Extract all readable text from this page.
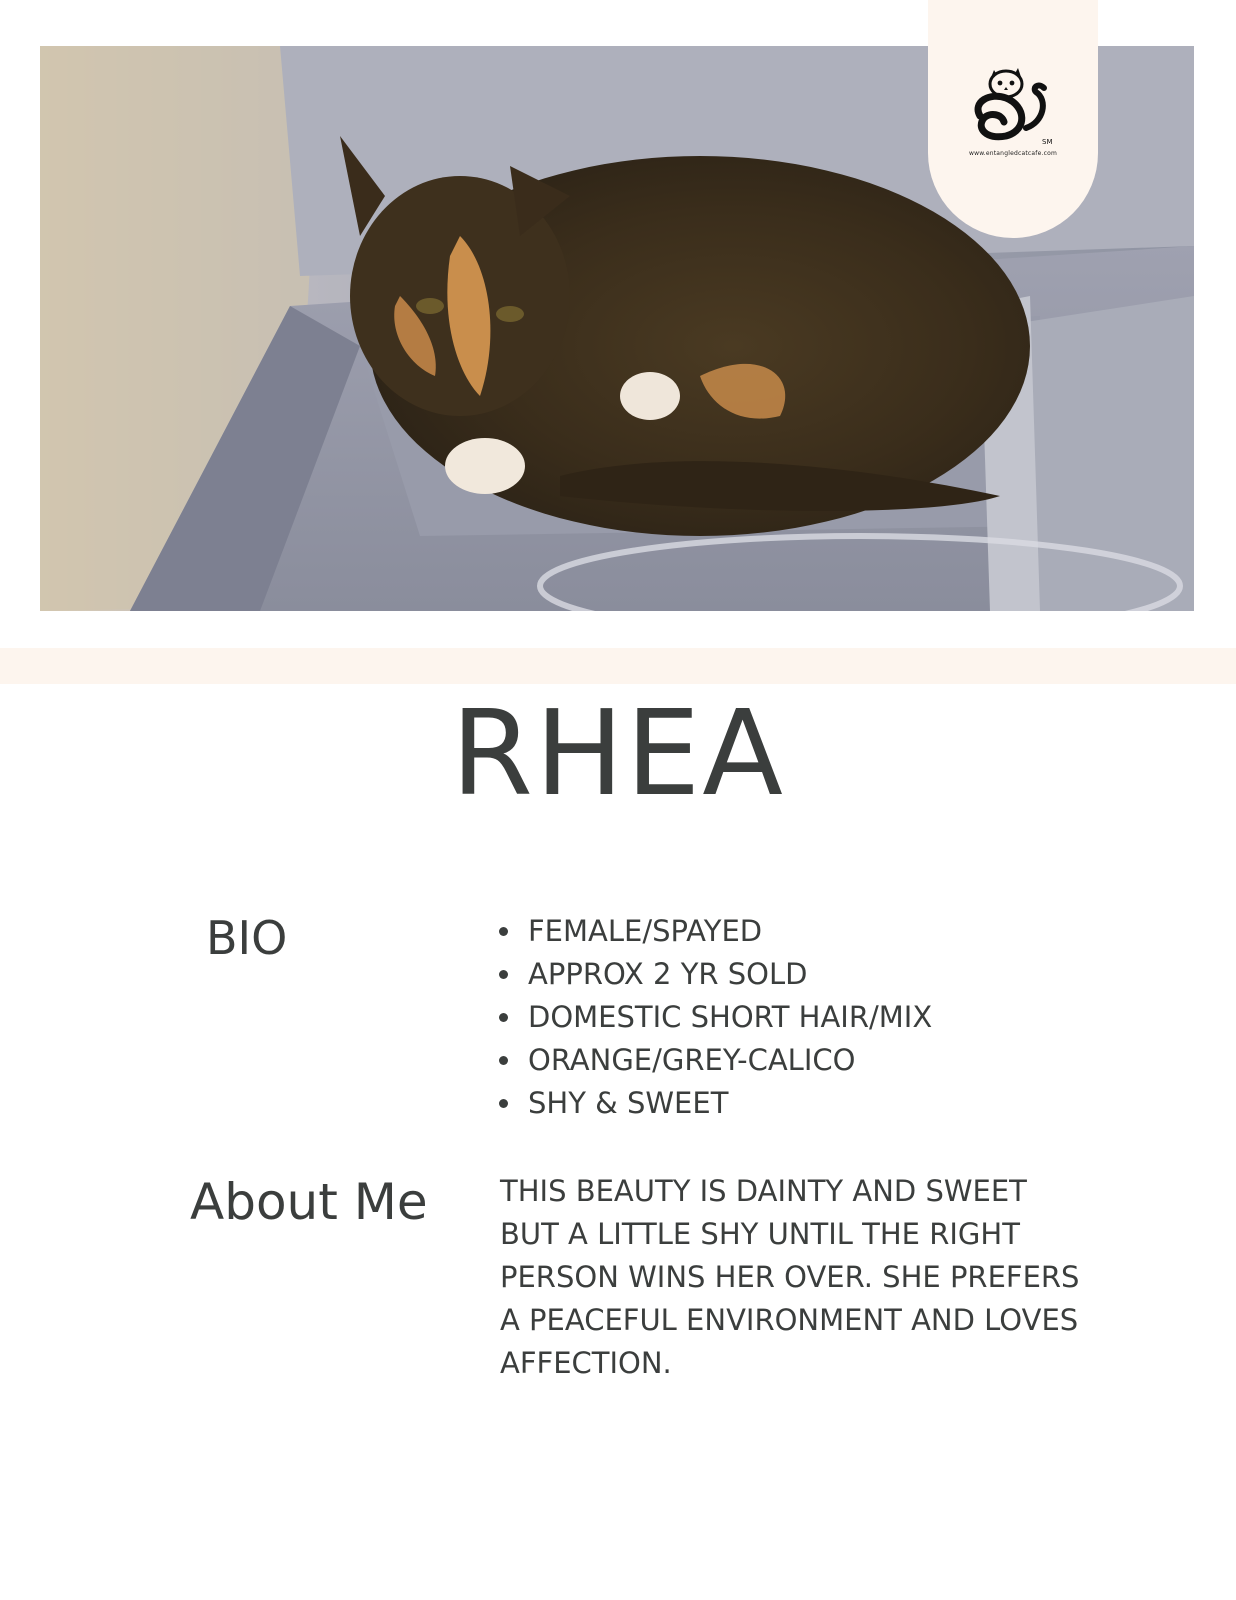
SM
www.entangledcatcafe.com
RHEA
BIO
•	FEMALE/SPAYED
• APPROX 2 YR SOLD
• DOMESTIC SHORT HAIR/MIX
• ORANGE/GREY-CALICO
• SHY & SWEET
About Me THIS BEAUTY IS DAINTY AND SWEET BUT A LITTLE SHY UNTIL THE RIGHT PERSON WINS HER OVER. SHE PREFERS A PEACEFUL ENVIRONMENT AND LOVES AFFECTION.
